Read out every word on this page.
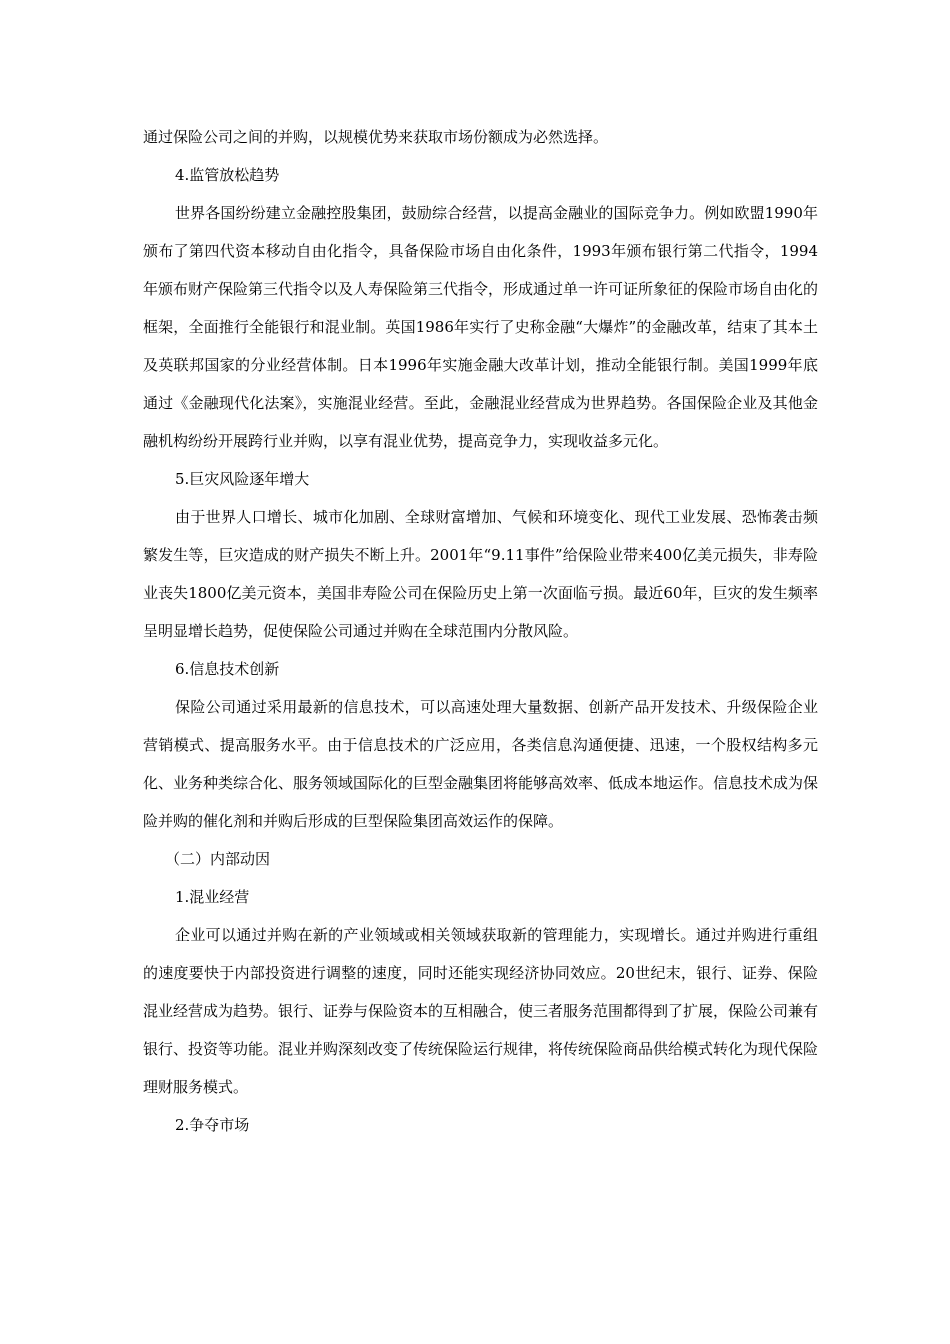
通过保险公司之间的并购，以规模优势来获取市场份额成为必然选择。

4.监管放松趋势

世界各国纷纷建立金融控股集团，鼓励综合经营，以提高金融业的国际竞争力。例如欧盟1990年颁布了第四代资本移动自由化指令，具备保险市场自由化条件，1993年颁布银行第二代指令，1994年颁布财产保险第三代指令以及人寿保险第三代指令，形成通过单一许可证所象征的保险市场自由化的框架，全面推行全能银行和混业制。英国1986年实行了史称金融“大爆炸”的金融改革，结束了其本土及英联邦国家的分业经营体制。日本1996年实施金融大改革计划，推动全能银行制。美国1999年底通过《金融现代化法案》，实施混业经营。至此，金融混业经营成为世界趋势。各国保险企业及其他金融机构纷纷开展跨行业并购，以享有混业优势，提高竞争力，实现收益多元化。

5.巨灾风险逐年增大

由于世界人口增长、城市化加剧、全球财富增加、气候和环境变化、现代工业发展、恐怖袭击频繁发生等，巨灾造成的财产损失不断上升。2001年“9.11事件”给保险业带来400亿美元损失，非寿险业丧失1800亿美元资本，美国非寿险公司在保险历史上第一次面临亏损。最近60年，巨灾的发生频率呈明显增长趋势，促使保险公司通过并购在全球范围内分散风险。

6.信息技术创新

保险公司通过采用最新的信息技术，可以高速处理大量数据、创新产品开发技术、升级保险企业营销模式、提高服务水平。由于信息技术的广泛应用，各类信息沟通便捷、迅速，一个股权结构多元化、业务种类综合化、服务领域国际化的巨型金融集团将能够高效率、低成本地运作。信息技术成为保险并购的催化剂和并购后形成的巨型保险集团高效运作的保障。

（二）内部动因

1.混业经营

企业可以通过并购在新的产业领域或相关领域获取新的管理能力，实现增长。通过并购进行重组的速度要快于内部投资进行调整的速度，同时还能实现经济协同效应。20世纪末，银行、证券、保险混业经营成为趋势。银行、证券与保险资本的互相融合，使三者服务范围都得到了扩展，保险公司兼有银行、投资等功能。混业并购深刻改变了传统保险运行规律，将传统保险商品供给模式转化为现代保险理财服务模式。

2.争夺市场
